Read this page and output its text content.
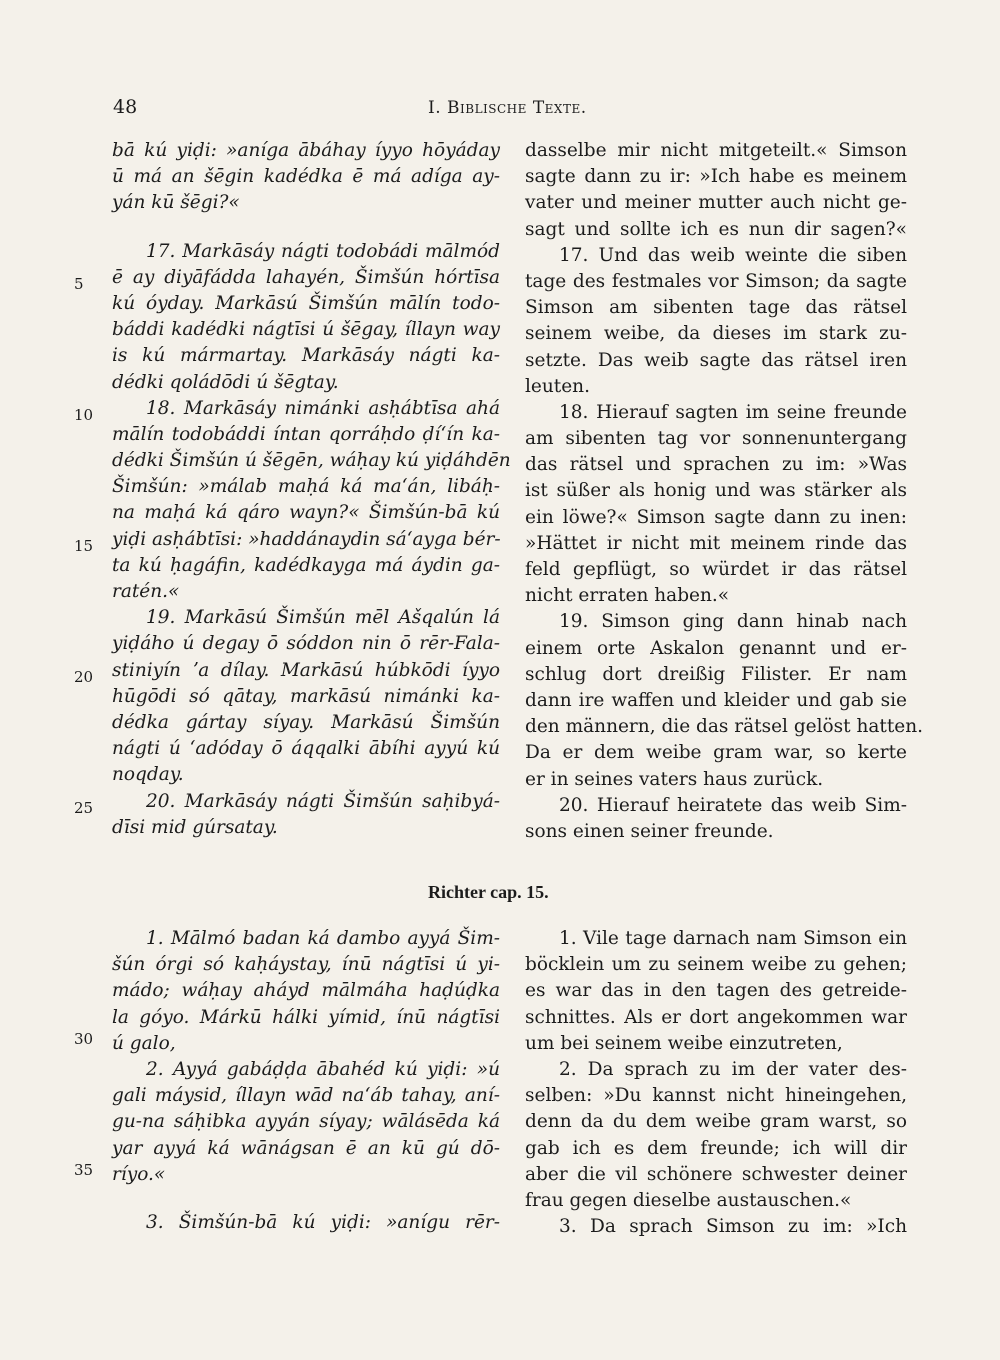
48	I. Biblische Texte.
bā kú yiḍi: »aníga ābáhay íyyo hōyáday
ū má an šēgin kadédka ē má adíga ay-
yán kū šēgi?«
17. Markāsáy nágti todobádi mālmód
ē ay diyāfádda lahayén, Šimšún hórtīsa
kú óyday. Markāsú Šimšún mālín todo-
báddi kadédki nágtīsi ú šēgay, íllayn way
is kú mármartay. Markāsáy nágti ka-
dédki qoládōdi ú šēgtay.
18. Markāsáy nimánki asḥábtīsa ahá
mālín todobáddi íntan qorráḥdo ḍíʻín ka-
dédki Šimšún ú šēgēn, wáḥay kú yiḍáhdēn
Šimšún: »málab maḥá ká maʻán, libáḥ-
na maḥá ká qáro wayn?« Šimšún-bā kú
yiḍi asḥábtīsi: »haddánaydin sáʻayga bér-
ta kú ḥagáfin, kadédkayga má áydin ga-
ratén.«
19. Markāsú Šimšún mēl Ašqalún lá
yiḍáho ú degay ō sóddon nin ō rēr-Fala-
stiniyín ʼa dílay. Markāsú húbkōdi íyyo
hūgōdi só qātay, markāsú nimánki ka-
dédka gártay síyay. Markāsú Šimšún
nágti ú ʻadóday ō áqqalki ābíhi ayyú kú
noqday.
20. Markāsáy nágti Šimšún saḥibyá-
dīsi mid gúrsatay.
dasselbe mir nicht mitgeteilt.« Simson
sagte dann zu ir: »Ich habe es meinem
vater und meiner mutter auch nicht ge-
sagt und sollte ich es nun dir sagen?«
17. Und das weib weinte die siben
tage des festmales vor Simson; da sagte
Simson am sibenten tage das rätsel
seinem weibe, da dieses im stark zu-
setzte. Das weib sagte das rätsel iren
leuten.
18. Hierauf sagten im seine freunde
am sibenten tag vor sonnenuntergang
das rätsel und sprachen zu im: »Was
ist süßer als honig und was stärker als
ein löwe?« Simson sagte dann zu inen:
»Hättet ir nicht mit meinem rinde das
feld gepflügt, so würdet ir das rätsel
nicht erraten haben.«
19. Simson ging dann hinab nach
einem orte Askalon genannt und er-
schlug dort dreißig Filister. Er nam
dann ire waffen und kleider und gab sie
den männern, die das rätsel gelöst hatten.
Da er dem weibe gram war, so kerte
er in seines vaters haus zurück.
20. Hierauf heiratete das weib Sim-
sons einen seiner freunde.
5
10
15
20
25
30
35
Richter cap. 15.
1. Mālmó badan ká dambo ayyá Šim-
šún órgi só kaḥáystay, ínū nágtīsi ú yi-
mádo; wáḥay aháyd mālmáha haḍúḍka
la góyo. Márkū hálki yímid, ínū nágtīsi
ú galo,
2. Ayyá gabáḍḍa ābahéd kú yiḍi: »ú
gali máysid, íllayn wād naʻáb tahay, aní-
gu-na sáḥibka ayyán síyay; wālásēda ká
yar ayyá ká wānágsan ē an kū gú dō-
ríyo.«
3. Šimšún-bā kú yiḍi: »anígu rēr-
1. Vile tage darnach nam Simson ein
böcklein um zu seinem weibe zu gehen;
es war das in den tagen des getreide-
schnittes. Als er dort angekommen war
um bei seinem weibe einzutreten,
2. Da sprach zu im der vater des-
selben: »Du kannst nicht hineingehen,
denn da du dem weibe gram warst, so
gab ich es dem freunde; ich will dir
aber die vil schönere schwester deiner
frau gegen dieselbe austauschen.«
3. Da sprach Simson zu im: »Ich
